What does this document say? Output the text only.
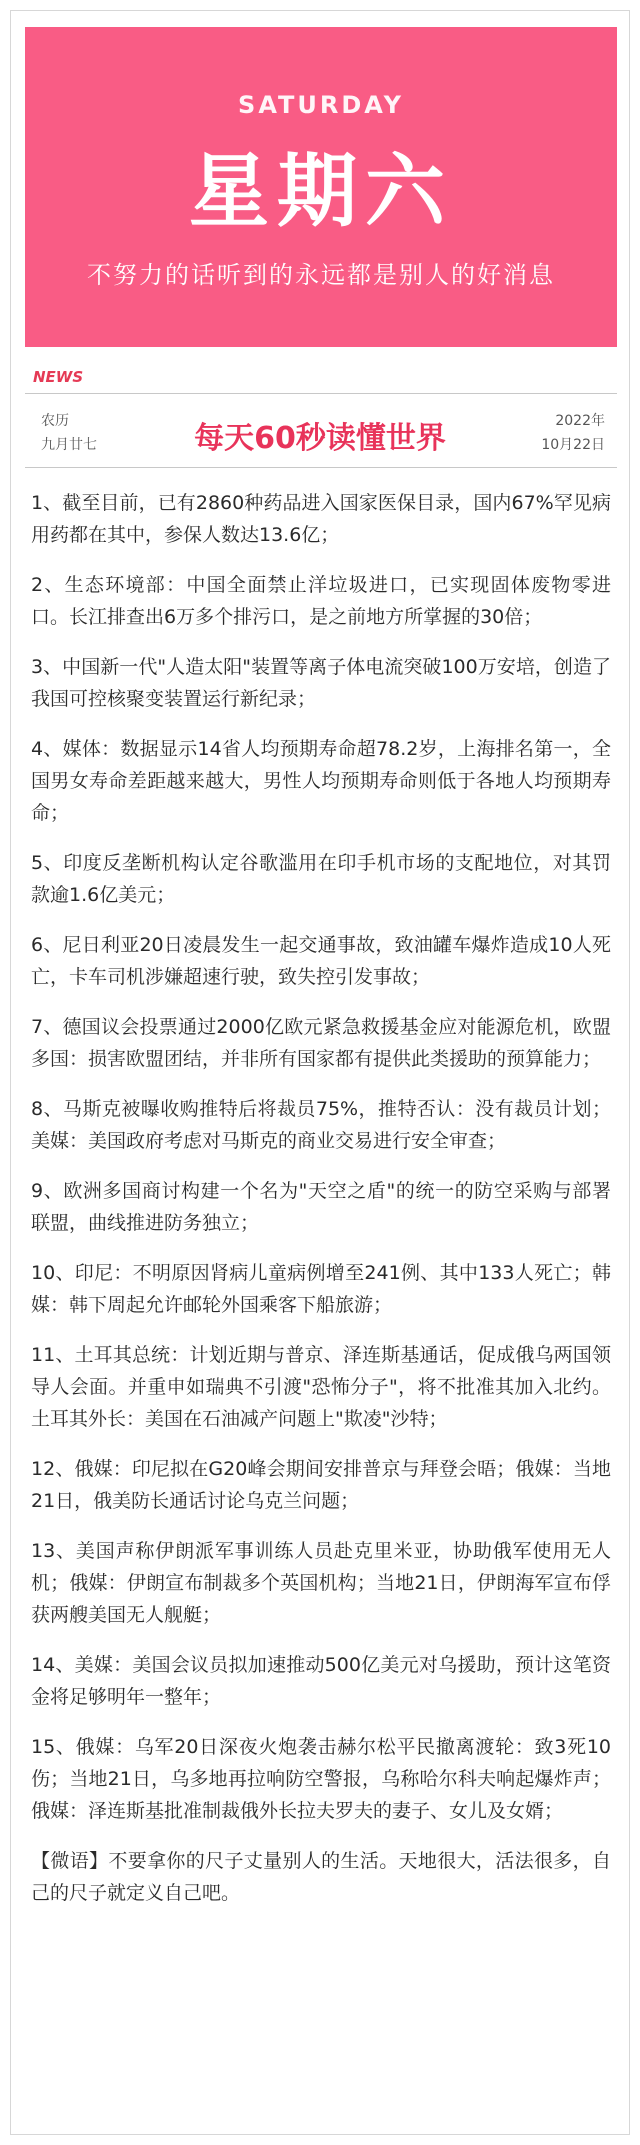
SATURDAY
星期六
不努力的话听到的永远都是别人的好消息
NEWS
农历
九月廿七	每天60秒读懂世界	2022年
10月22日

1、截至目前，已有2860种药品进入国家医保目录，国内67%罕见病用药都在其中，参保人数达13.6亿；

2、生态环境部：中国全面禁止洋垃圾进口，已实现固体废物零进口。长江排查出6万多个排污口，是之前地方所掌握的30倍；

3、中国新一代"人造太阳"装置等离子体电流突破100万安培，创造了我国可控核聚变装置运行新纪录；

4、媒体：数据显示14省人均预期寿命超78.2岁，上海排名第一，全国男女寿命差距越来越大，男性人均预期寿命则低于各地人均预期寿命；

5、印度反垄断机构认定谷歌滥用在印手机市场的支配地位，对其罚款逾1.6亿美元；

6、尼日利亚20日凌晨发生一起交通事故，致油罐车爆炸造成10人死亡，卡车司机涉嫌超速行驶，致失控引发事故；

7、德国议会投票通过2000亿欧元紧急救援基金应对能源危机，欧盟多国：损害欧盟团结，并非所有国家都有提供此类援助的预算能力；

8、马斯克被曝收购推特后将裁员75%，推特否认：没有裁员计划；美媒：美国政府考虑对马斯克的商业交易进行安全审查；

9、欧洲多国商讨构建一个名为"天空之盾"的统一的防空采购与部署联盟，曲线推进防务独立；

10、印尼：不明原因肾病儿童病例增至241例、其中133人死亡；韩媒：韩下周起允许邮轮外国乘客下船旅游；

11、土耳其总统：计划近期与普京、泽连斯基通话，促成俄乌两国领导人会面。并重申如瑞典不引渡"恐怖分子"，将不批准其加入北约。土耳其外长：美国在石油减产问题上"欺凌"沙特；

12、俄媒：印尼拟在G20峰会期间安排普京与拜登会晤；俄媒：当地21日，俄美防长通话讨论乌克兰问题；

13、美国声称伊朗派军事训练人员赴克里米亚，协助俄军使用无人机；俄媒：伊朗宣布制裁多个英国机构；当地21日，伊朗海军宣布俘获两艘美国无人舰艇；

14、美媒：美国会议员拟加速推动500亿美元对乌援助，预计这笔资金将足够明年一整年；

15、俄媒：乌军20日深夜火炮袭击赫尔松平民撤离渡轮：致3死10伤；当地21日，乌多地再拉响防空警报，乌称哈尔科夫响起爆炸声；俄媒：泽连斯基批准制裁俄外长拉夫罗夫的妻子、女儿及女婿；

【微语】不要拿你的尺子丈量别人的生活。天地很大，活法很多，自己的尺子就定义自己吧。
